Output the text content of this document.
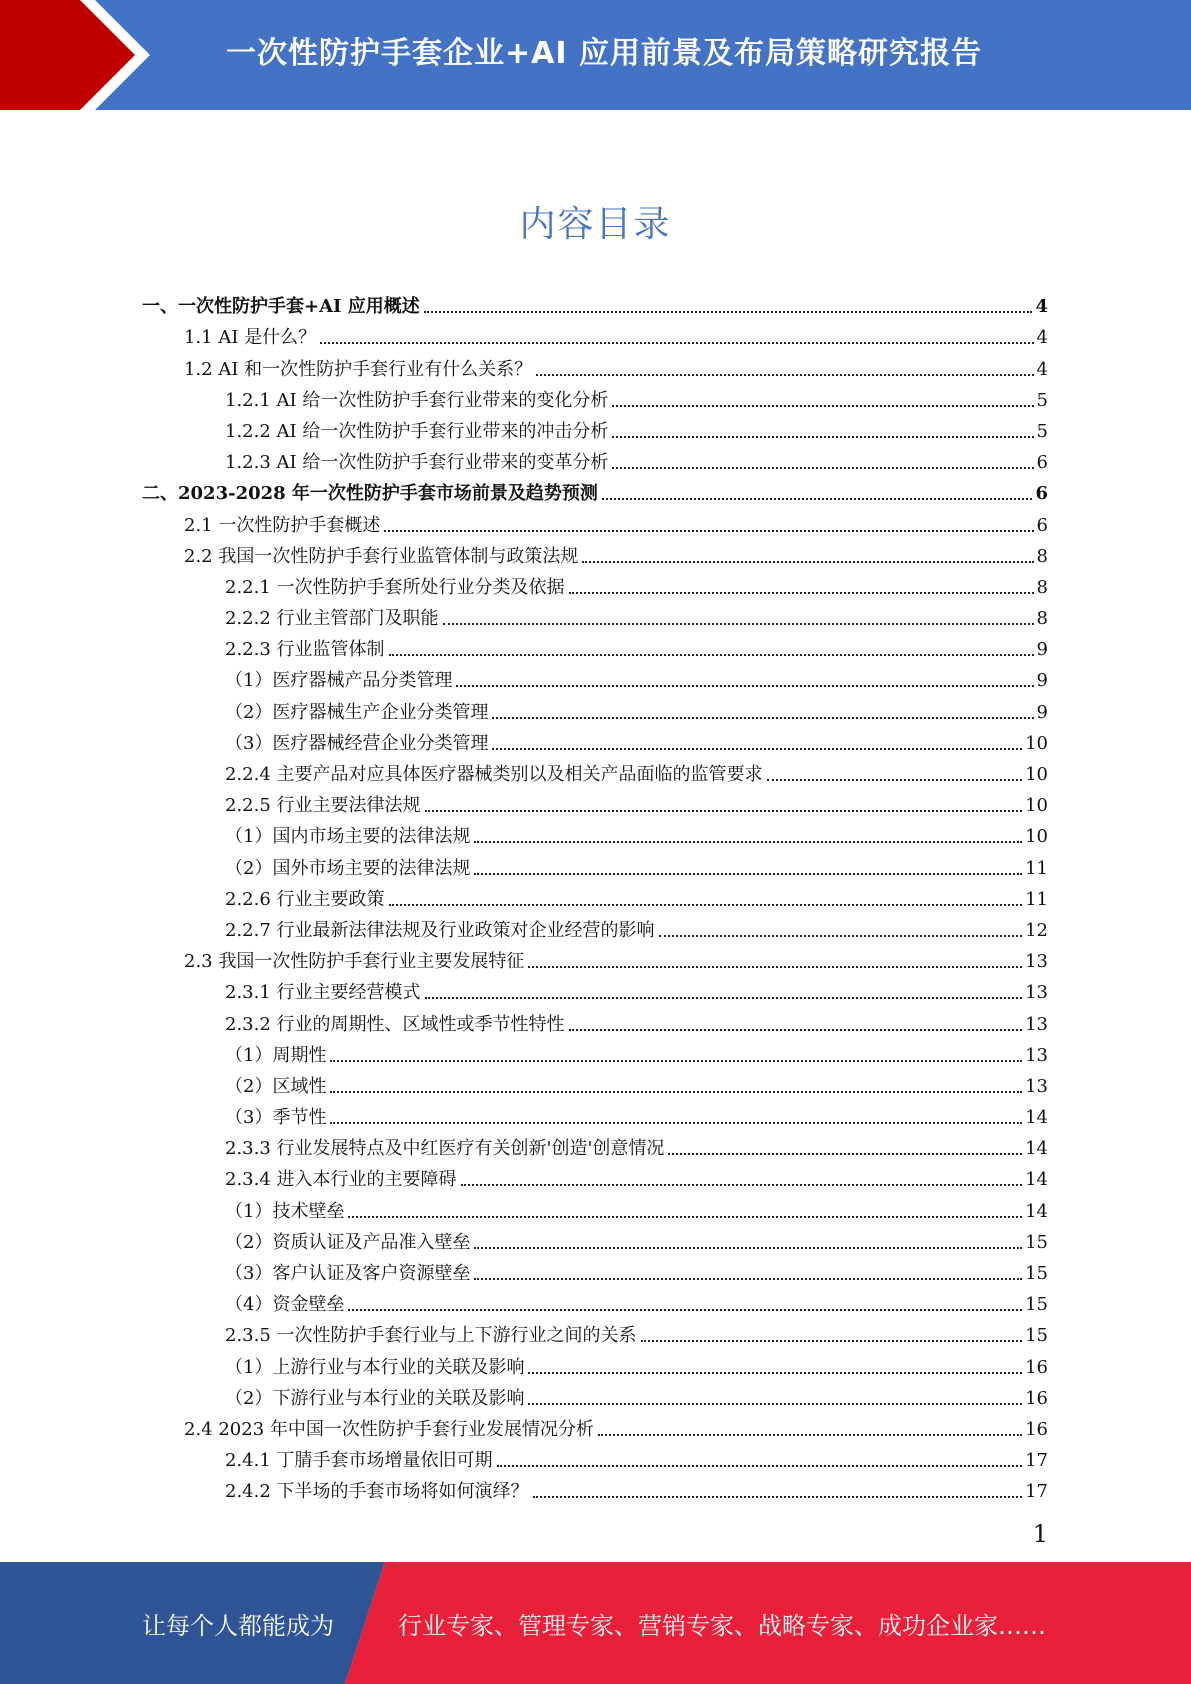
一次性防护手套企业+AI 应用前景及布局策略研究报告
内容目录
一、一次性防护手套+AI 应用概述	4
1.1 AI 是什么？	4
1.2 AI 和一次性防护手套行业有什么关系？	4
1.2.1 AI 给一次性防护手套行业带来的变化分析	5
1.2.2 AI 给一次性防护手套行业带来的冲击分析	5
1.2.3 AI 给一次性防护手套行业带来的变革分析	6
二、2023-2028 年一次性防护手套市场前景及趋势预测	6
2.1 一次性防护手套概述	6
2.2 我国一次性防护手套行业监管体制与政策法规	8
2.2.1 一次性防护手套所处行业分类及依据	8
2.2.2 行业主管部门及职能	8
2.2.3 行业监管体制	9
（1）医疗器械产品分类管理	9
（2）医疗器械生产企业分类管理	9
（3）医疗器械经营企业分类管理	10
2.2.4 主要产品对应具体医疗器械类别以及相关产品面临的监管要求	10
2.2.5 行业主要法律法规	10
（1）国内市场主要的法律法规	10
（2）国外市场主要的法律法规	11
2.2.6 行业主要政策	11
2.2.7 行业最新法律法规及行业政策对企业经营的影响	12
2.3 我国一次性防护手套行业主要发展特征	13
2.3.1 行业主要经营模式	13
2.3.2 行业的周期性、区域性或季节性特性	13
（1）周期性	13
（2）区域性	13
（3）季节性	14
2.3.3 行业发展特点及中红医疗有关创新'创造'创意情况	14
2.3.4 进入本行业的主要障碍	14
（1）技术壁垒	14
（2）资质认证及产品准入壁垒	15
（3）客户认证及客户资源壁垒	15
（4）资金壁垒	15
2.3.5 一次性防护手套行业与上下游行业之间的关系	15
（1）上游行业与本行业的关联及影响	16
（2）下游行业与本行业的关联及影响	16
2.4 2023 年中国一次性防护手套行业发展情况分析	16
2.4.1 丁腈手套市场增量依旧可期	17
2.4.2 下半场的手套市场将如何演绎？	17
1
让每个人都能成为	行业专家、管理专家、营销专家、战略专家、成功企业家……
